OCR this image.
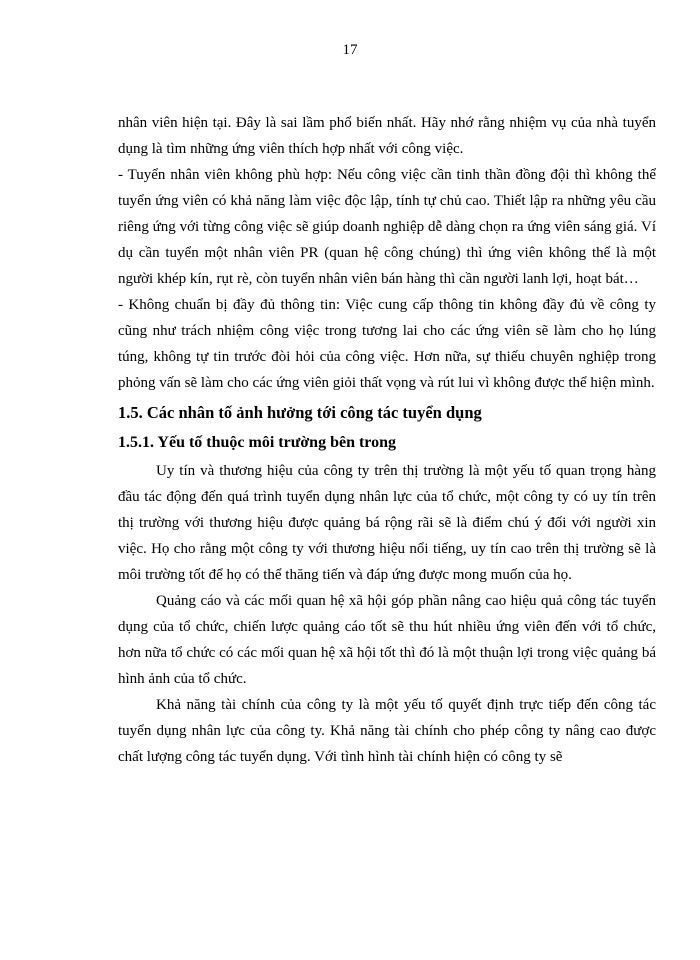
17

nhân viên hiện tại. Đây là sai lầm phổ biến nhất. Hãy nhớ rằng nhiệm vụ của nhà tuyển dụng là tìm những ứng viên thích hợp nhất với công việc.

- Tuyển nhân viên không phù hợp: Nếu công việc cần tinh thần đồng đội thì không thể tuyển ứng viên có khả năng làm việc độc lập, tính tự chủ cao. Thiết lập ra những yêu cầu riêng ứng với từng công việc sẽ giúp doanh nghiệp dễ dàng chọn ra ứng viên sáng giá. Ví dụ cần tuyển một nhân viên PR (quan hệ công chúng) thì ứng viên không thể là một người khép kín, rụt rè, còn tuyển nhân viên bán hàng thì cần người lanh lợi, hoạt bát…

- Không chuẩn bị đầy đủ thông tin: Việc cung cấp thông tin không đầy đủ về công ty cũng như trách nhiệm công việc trong tương lai cho các ứng viên sẽ làm cho họ lúng túng, không tự tin trước đòi hỏi của công việc. Hơn nữa, sự thiếu chuyên nghiệp trong phỏng vấn sẽ làm cho các ứng viên giỏi thất vọng và rút lui vì không được thể hiện mình.

1.5. Các nhân tố ảnh hưởng tới công tác tuyển dụng
1.5.1. Yếu tố thuộc môi trường bên trong

Uy tín và thương hiệu của công ty trên thị trường là một yếu tố quan trọng hàng đầu tác động đến quá trình tuyển dụng nhân lực của tổ chức, một công ty có uy tín trên thị trường với thương hiệu được quảng bá rộng rãi sẽ là điểm chú ý đối với người xin việc. Họ cho rằng một công ty với thương hiệu nổi tiếng, uy tín cao trên thị trường sẽ là môi trường tốt để họ có thể thăng tiến và đáp ứng được mong muốn của họ.

Quảng cáo và các mối quan hệ xã hội góp phần nâng cao hiệu quả công tác tuyển dụng của tổ chức, chiến lược quảng cáo tốt sẽ thu hút nhiều ứng viên đến với tổ chức, hơn nữa tổ chức có các mối quan hệ xã hội tốt thì đó là một thuận lợi trong việc quảng bá hình ảnh của tổ chức.

Khả năng tài chính của công ty là một yếu tố quyết định trực tiếp đến công tác tuyển dụng nhân lực của công ty. Khả năng tài chính cho phép công ty nâng cao được chất lượng công tác tuyển dụng. Với tình hình tài chính hiện có công ty sẽ
